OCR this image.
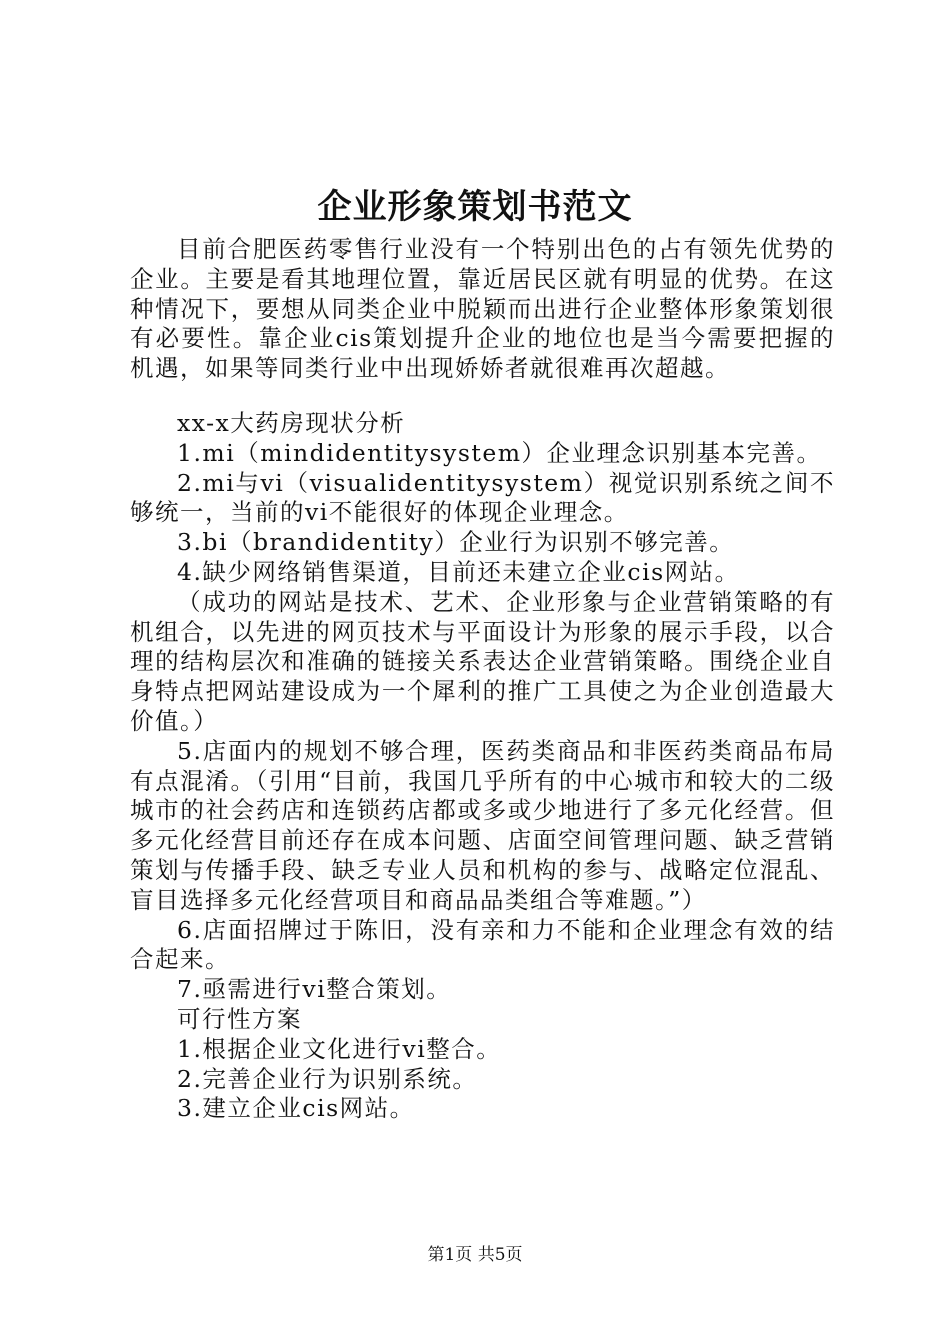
企业形象策划书范文

目前合肥医药零售行业没有一个特别出色的占有领先优势的企业。主要是看其地理位置，靠近居民区就有明显的优势。在这种情况下，要想从同类企业中脱颖而出进行企业整体形象策划很有必要性。靠企业cis策划提升企业的地位也是当今需要把握的机遇，如果等同类行业中出现娇娇者就很难再次超越。

xx-x大药房现状分析

1.mi（mindidentitysystem）企业理念识别基本完善。

2.mi与vi（visualidentitysystem）视觉识别系统之间不够统一，当前的vi不能很好的体现企业理念。

3.bi（brandidentity）企业行为识别不够完善。

4.缺少网络销售渠道，目前还未建立企业cis网站。

（成功的网站是技术、艺术、企业形象与企业营销策略的有机组合，以先进的网页技术与平面设计为形象的展示手段，以合理的结构层次和准确的链接关系表达企业营销策略。围绕企业自身特点把网站建设成为一个犀利的推广工具使之为企业创造最大价值。）

5.店面内的规划不够合理，医药类商品和非医药类商品布局有点混淆。（引用“目前，我国几乎所有的中心城市和较大的二级城市的社会药店和连锁药店都或多或少地进行了多元化经营。但多元化经营目前还存在成本问题、店面空间管理问题、缺乏营销策划与传播手段、缺乏专业人员和机构的参与、战略定位混乱、盲目选择多元化经营项目和商品品类组合等难题。”）

6.店面招牌过于陈旧，没有亲和力不能和企业理念有效的结合起来。

7.亟需进行vi整合策划。

可行性方案

1.根据企业文化进行vi整合。

2.完善企业行为识别系统。

3.建立企业cis网站。

第1页 共5页
